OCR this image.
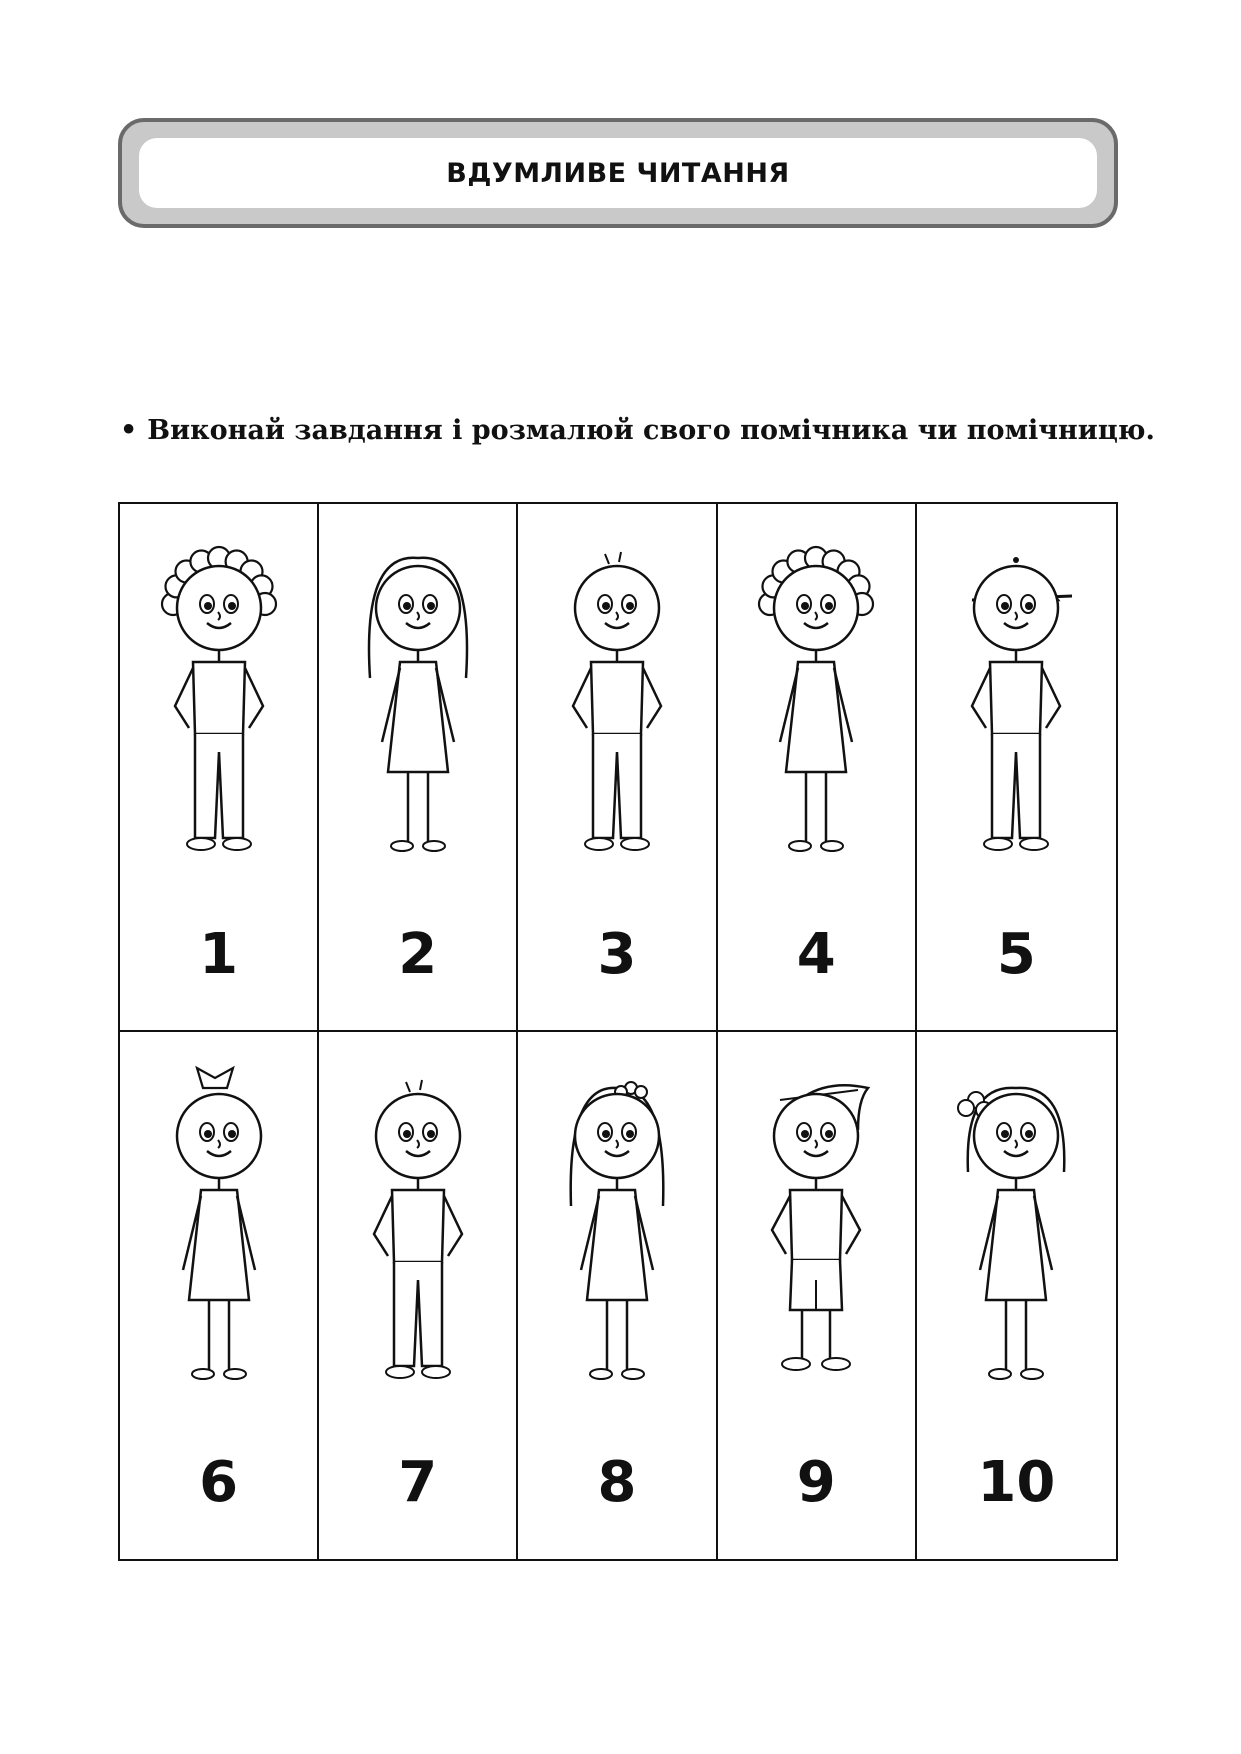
ВДУМЛИВЕ ЧИТАННЯ
• Виконай завдання і розмалюй свого помічника чи помічницю.
1	2	3	4	5
6	7	8	9	10
